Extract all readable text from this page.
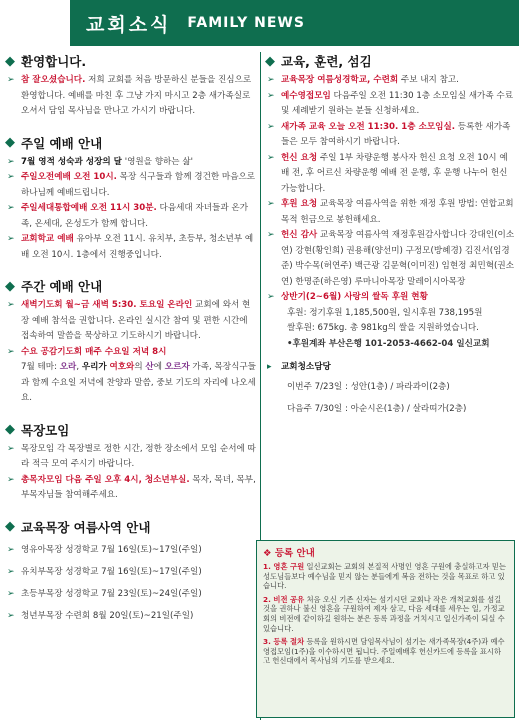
교회소식 FAMILY NEWS
◆ 환영합니다.
➢ 참 잘오셨습니다. 저희 교회를 처음 방문하신 분들을 진심으로 환영합니다. 예배를 마친 후 그냥 가지 마시고 2층 새가족실로 오셔서 담임 목사님을 만나고 가시기 바랍니다.
◆ 주일 예배 안내
➢ 7월 영적 성숙과 성장의 달 '영원을 향하는 삶'
➢ 주일오전예배 오전 10시. 목장 식구들과 함께 경건한 마음으로 하나님께 예배드립니다.
➢ 주일세대통합예배 오전 11시 30분. 다음세대 자녀들과 온가족, 온세대, 온성도가 함께 합니다.
➢ 교회학교 예배 유아부 오전 11시. 유치부, 초등부, 청소년부 예배 오전 10시. 1층에서 진행중입니다.
◆ 주간 예배 안내
➢ 새벽기도회 월~금 새벽 5:30. 토요일 온라인 교회에 와서 현장 예배 참석을 권합니다. 온라인 실시간 참여 및 편한 시간에 접속하여 말씀을 묵상하고 기도하시기 바랍니다.
➢ 수요 공감기도회 매주 수요일 저녁 8시
7월 테마: 오라, 우리가 여호와의 산에 오르자 가족, 목장식구들과 함께 수요일 저녁에 찬양과 말씀, 중보 기도의 자리에 나오세요.
◆ 목장모임
➢ 목장모임 각 목장별로 정한 시간, 정한 장소에서 모임 순서에 따라 적극 모여 주시기 바랍니다.
➢ 총목자모임 다음 주일 오후 4시, 청소년부실. 목자, 목녀, 목부, 부목자님들 참여해주세요.
◆ 교육목장 여름사역 안내
➢ 영유아목장 성경학교 7월 16일(토)~17일(주일)
➢ 유치부목장 성경학교 7월 16일(토)~17일(주일)
➢ 초등부목장 성경학교 7월 23일(토)~24일(주일)
➢ 청년부목장 수련회 8월 20일(토)~21일(주일)
◆ 교육, 훈련, 섬김
➢ 교육목장 여름성경학교, 수련회 주보 내지 참고.
➢ 예수영접모임 다음주일 오전 11:30 1층 소모임실 새가족 수료 및 세례받기 원하는 분들 신청하세요.
➢ 새가족 교육 오늘 오전 11:30. 1층 소모임실. 등록한 새가족들은 모두 참여하시기 바랍니다.
➢ 헌신 요청 주일 1부 차량운행 봉사자 헌신 요청 오전 10시 예배 전, 후 어르신 차량운행 예배 전 운행, 후 운행 나누어 헌신 가능합니다.
➢ 후원 요청 교육목장 여름사역을 위한 재정 후원 방법: 연합교회 목적 헌금으로 봉헌해세요.
➢ 헌신 감사 교육목장 여름사역 재정후원감사합니다 강대인(이소연) 강현(황인희) 권용해(양선미) 구정모(방혜경) 김진서(임경준) 박수목(허연주) 백근광 김문혁(이미진) 임현정 최민혁(권소연) 한명준(하은영) 루마니아목장 말레이시아목장
➢ 상반기(2~6월) 사랑의 쌀독 후원 현황
후원: 정기후원 1,185,500원, 일시후원 738,195원
쌀후원: 675kg. 총 981kg의 쌀을 지원하였습니다.
•후원계좌 부산은행 101-2053-4662-04 일신교회
▸ 교회청소담당
이번주 7/23일 : 성안(1층) / 파라과이(2층)
다음주 7/30일 : 아순시온(1층) / 살라띠가(2층)
❖ 등록 안내
1. 영혼 구원 일신교회는 교회의 본질적 사명인 영혼 구원에 충실하고자 믿는 성도님들보다 예수님을 믿지 않는 분들에게 복음 전하는 것을 목표로 하고 있습니다.
2. 비전 공유 처음 오신 기존 신자는 섬기시던 교회나 작은 개척교회를 섬길 것을 권하나 불신 영혼을 구원하여 제자 삼고, 다음 세대를 세우는 일, 가정교회의 비전에 같이하길 원하는 분은 등록 과정을 거치시고 일신가족이 되실 수 있습니다.
3. 등록 절차 등록을 원하시면 담임목사님이 섬기는 새가족목장(4주)과 예수영접모임(1주)을 이수하시면 됩니다. 주일예배후 헌신카드에 등록을 표시하고 헌신대에서 목사님의 기도를 받으세요.
